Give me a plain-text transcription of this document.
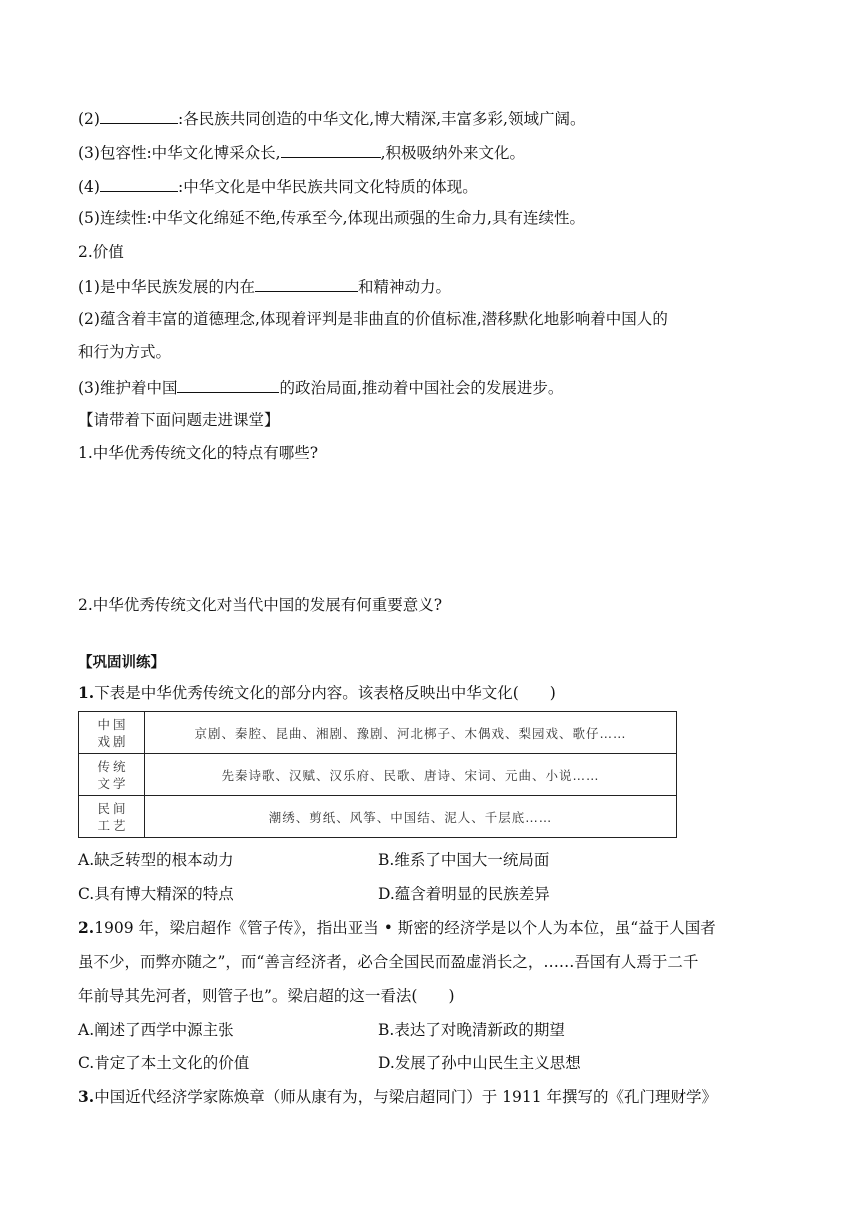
(2)	:各民族共同创造的中华文化,博大精深,丰富多彩,领域广阔。
(3)包容性:中华文化博采众长,	,积极吸纳外来文化。
(4)	:中华文化是中华民族共同文化特质的体现。
(5)连续性:中华文化绵延不绝,传承至今,体现出顽强的生命力,具有连续性。
2.价值
(1)是中华民族发展的内在	和精神动力。
(2)蕴含着丰富的道德理念,体现着评判是非曲直的价值标准,潜移默化地影响着中国人的
和行为方式。
(3)维护着中国	的政治局面,推动着中国社会的发展进步。
【请带着下面问题走进课堂】
1.中华优秀传统文化的特点有哪些?
2.中华优秀传统文化对当代中国的发展有何重要意义?
【巩固训练】
1.下表是中华优秀传统文化的部分内容。该表格反映出中华文化(　　)
中国
戏剧	京剧、秦腔、昆曲、湘剧、豫剧、河北梆子、木偶戏、梨园戏、歌仔……
传统
文学	先秦诗歌、汉赋、汉乐府、民歌、唐诗、宋词、元曲、小说……
民间
工艺	潮绣、剪纸、风筝、中国结、泥人、千层底……
A.缺乏转型的根本动力	B.维系了中国大一统局面
C.具有博大精深的特点	D.蕴含着明显的民族差异
2.1909 年，梁启超作《管子传》，指出亚当 • 斯密的经济学是以个人为本位，虽“益于人国者
虽不少，而弊亦随之”，而“善言经济者，必合全国民而盈虚消长之，……吾国有人焉于二千
年前导其先河者，则管子也”。梁启超的这一看法(　　)
A.阐述了西学中源主张	B.表达了对晚清新政的期望
C.肯定了本土文化的价值	D.发展了孙中山民生主义思想
3.中国近代经济学家陈焕章（师从康有为，与梁启超同门）于 1911 年撰写的《孔门理财学》
